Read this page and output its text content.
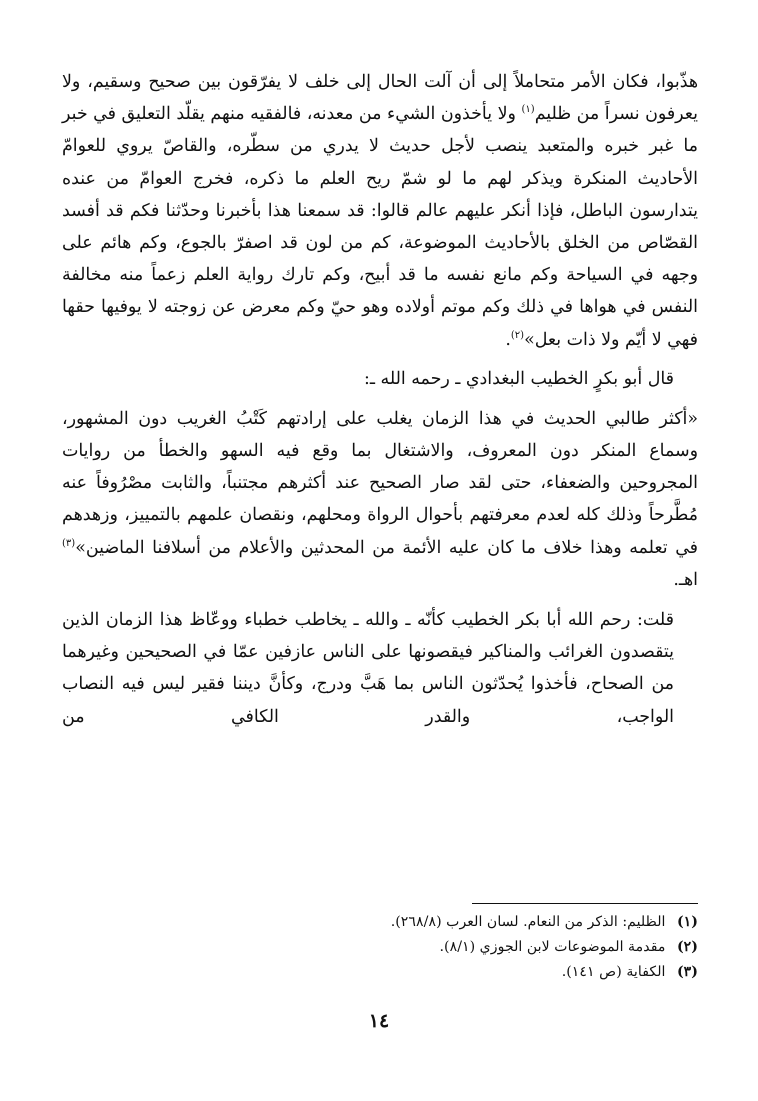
هذّبوا، فكان الأمر متحاملاً إلى أن آلت الحال إلى خلف لا يفرّقون بين صحيح وسقيم، ولا يعرفون نسراً من ظليم$^{(١)}$ ولا يأخذون الشيء من معدنه، فالفقيه منهم يقلّد التعليق في خبر ما غبر خبره والمتعبد ينصب لأجل حديث لا يدري من سطّره، والقاصّ يروي للعوامّ الأحاديث المنكرة ويذكر لهم ما لو شمّ ريح العلم ما ذكره، فخرج العوامّ من عنده يتدارسون الباطل، فإذا أنكر عليهم عالم قالوا: قد سمعنا هذا بأخبرنا وحدّثنا فكم قد أفسد القصّاص من الخلق بالأحاديث الموضوعة، كم من لون قد اصفرّ بالجوع، وكم هائم على وجهه في السياحة وكم مانع نفسه ما قد أبيح، وكم تارك رواية العلم زعماً منه مخالفة النفس في هواها في ذلك وكم موتم أولاده وهو حيّ وكم معرض عن زوجته لا يوفيها حقها فهي لا أيّم ولا ذات بعل»$^{(٢)}$.

قال أبو بكرٍ الخطيب البغدادي ـ رحمه الله ـ:

«أكثر طالبي الحديث في هذا الزمان يغلب على إرادتهم كَتْبُ الغريب دون المشهور، وسماع المنكر دون المعروف، والاشتغال بما وقع فيه السهو والخطأ من روايات المجروحين والضعفاء، حتى لقد صار الصحيح عند أكثرهم مجتنباً، والثابت مصْرُوفاً عنه مُطَّرحاً وذلك كله لعدم معرفتهم بأحوال الرواة ومحلهم، ونقصان علمهم بالتمييز، وزهدهم في تعلمه وهذا خلاف ما كان عليه الأئمة من المحدثين والأعلام من أسلافنا الماضين»$^{(٣)}$ اهـ.

قلت: رحم الله أبا بكر الخطيب كأنّه ـ والله ـ يخاطب خطباء ووعّاظ هذا الزمان الذين يتقصدون الغرائب والمناكير فيقصونها على الناس عازفين عمّا في الصحيحين وغيرهما من الصحاح، فأخذوا يُحدّثون الناس بما هَبَّ ودرج، وكأنَّ ديننا فقير ليس فيه النصاب الواجب، والقدر الكافي من

(١) الظليم: الذكر من النعام. لسان العرب (٢٦٨/٨).
(٢) مقدمة الموضوعات لابن الجوزي (٨/١).
(٣) الكفاية (ص ١٤١).
١٤
